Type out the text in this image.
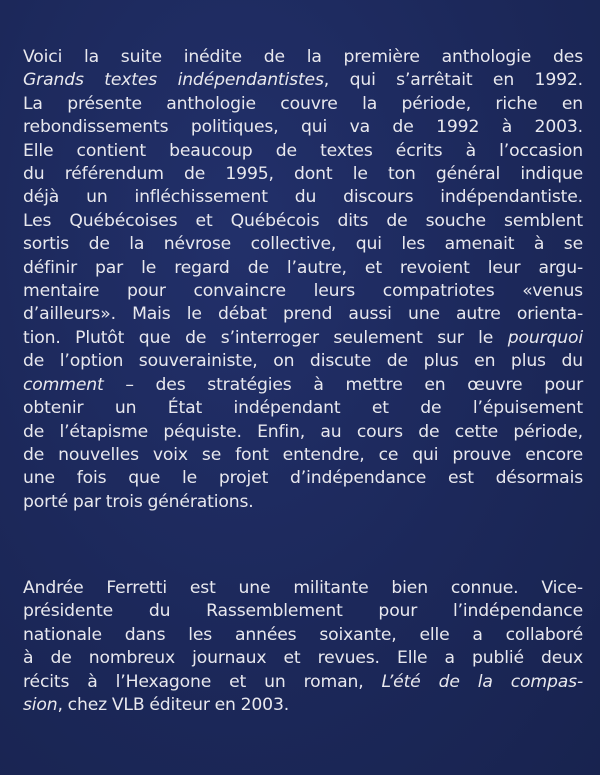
Voici la suite inédite de la première anthologie des
Grands textes indépendantistes, qui s’arrêtait en 1992.
La présente anthologie couvre la période, riche en
rebondissements politiques, qui va de 1992 à 2003.
Elle contient beaucoup de textes écrits à l’occasion
du référendum de 1995, dont le ton général indique
déjà un infléchissement du discours indépendantiste.
Les Québécoises et Québécois dits de souche semblent
sortis de la névrose collective, qui les amenait à se
définir par le regard de l’autre, et revoient leur argu-
mentaire pour convaincre leurs compatriotes «venus
d’ailleurs». Mais le débat prend aussi une autre orienta-
tion. Plutôt que de s’interroger seulement sur le pourquoi
de l’option souverainiste, on discute de plus en plus du
comment – des stratégies à mettre en œuvre pour
obtenir un État indépendant et de l’épuisement
de l’étapisme péquiste. Enfin, au cours de cette période,
de nouvelles voix se font entendre, ce qui prouve encore
une fois que le projet d’indépendance est désormais
porté par trois générations.

Andrée Ferretti est une militante bien connue. Vice-
présidente du Rassemblement pour l’indépendance
nationale dans les années soixante, elle a collaboré
à de nombreux journaux et revues. Elle a publié deux
récits à l’Hexagone et un roman, L’été de la compas-
sion, chez VLB éditeur en 2003.
